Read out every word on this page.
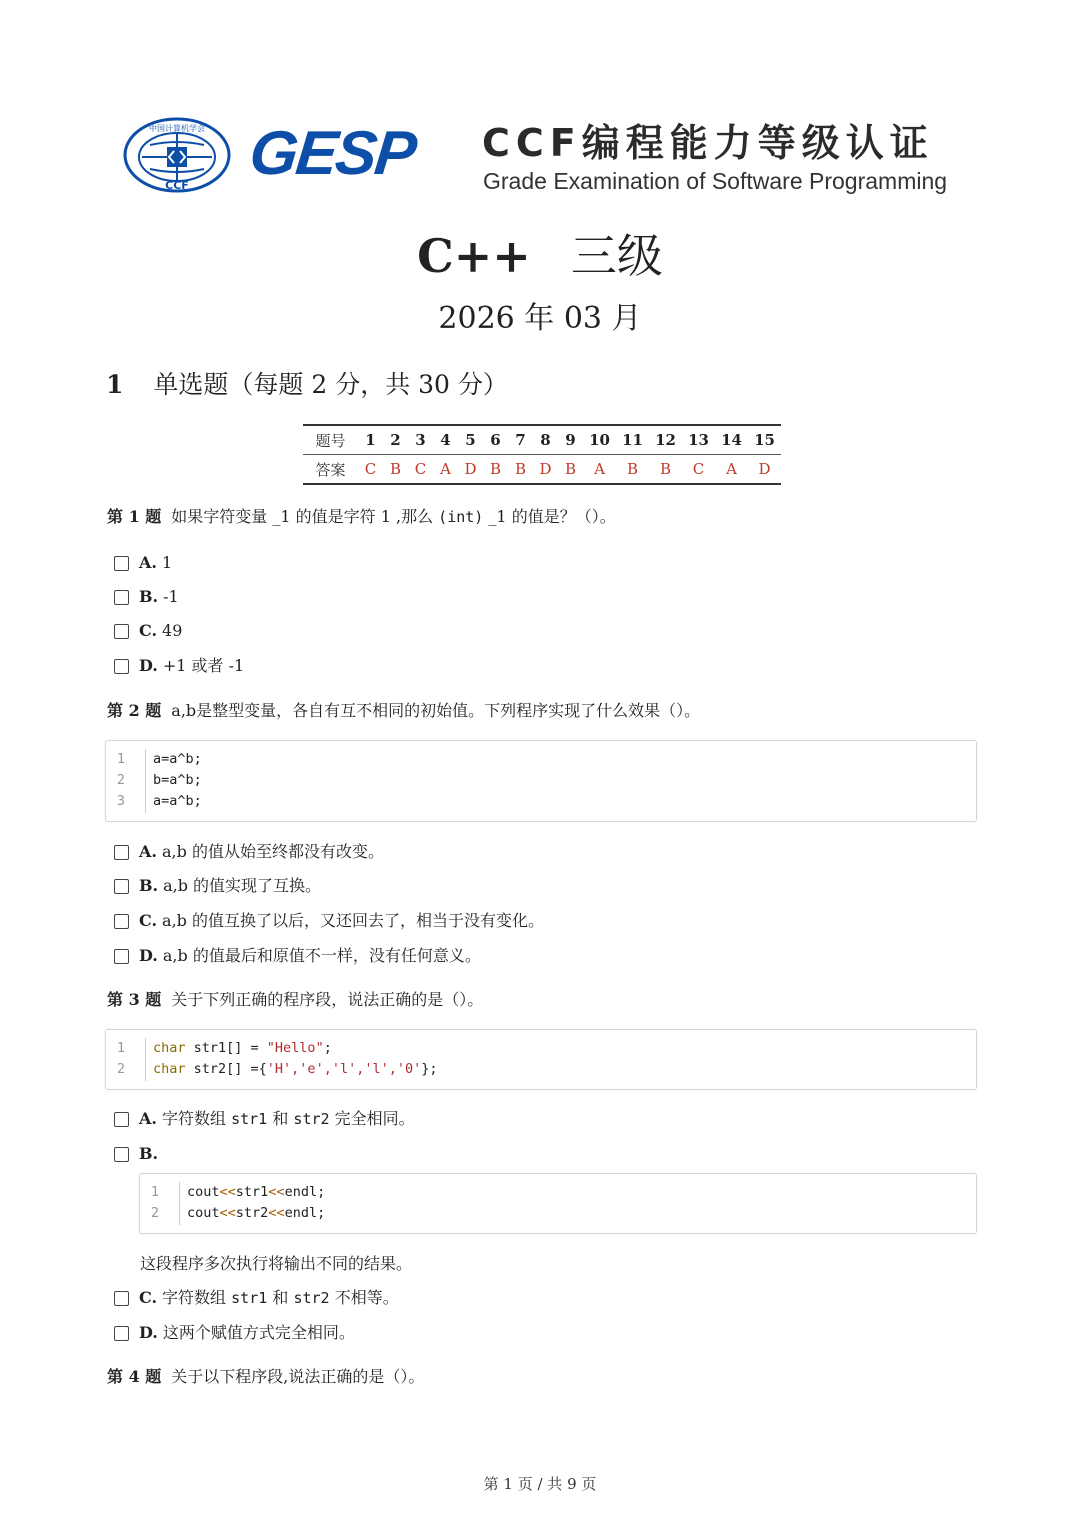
中国计算机学会
CCF GESP CCF编程能力等级认证
Grade Examination of Software Programming
C++ 三级
2026 年 03 月
1 单选题（每题 2 分，共 30 分）
题号	1	2	3	4	5	6	7	8	9	10	11	12	13	14	15
答案	C	B	C	A	D	B	B	D	B	A	B	B	C	A	D
第 1 题 如果字符变量 _1 的值是字符 1 ,那么 (int) _1 的值是？（）。
A. 1
B. -1
C. 49
D. +1 或者 -1
第 2 题 a,b是整型变量，各自有互不相同的初始值。下列程序实现了什么效果（）。
1	a=a^b;
2	b=a^b;
3	a=a^b;
A. a,b 的值从始至终都没有改变。
B. a,b 的值实现了互换。
C. a,b 的值互换了以后，又还回去了，相当于没有变化。
D. a,b 的值最后和原值不一样，没有任何意义。
第 3 题 关于下列正确的程序段，说法正确的是（）。
1	char str1[] = "Hello";
2	char str2[] ={'H','e','l','l','0'};
A. 字符数组
str1
和
str2
完全相同。
B.
1	cout<<str1<<endl;
2	cout<<str2<<endl;
这段程序多次执行将输出不同的结果。
C. 字符数组
str1
和
str2
不相等。
D. 这两个赋值方式完全相同。
第 4 题 关于以下程序段,说法正确的是（）。
第 1 页 / 共 9 页
